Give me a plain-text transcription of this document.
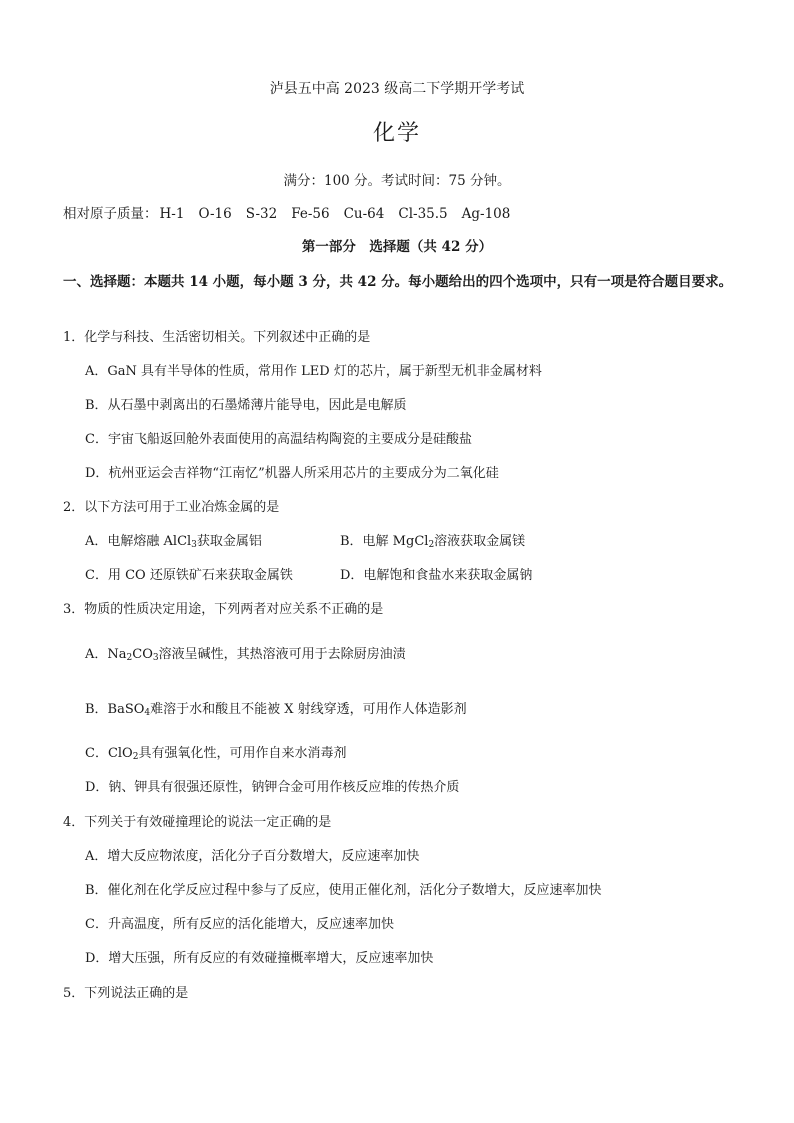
泸县五中高 2023 级高二下学期开学考试
化学
满分：100 分。考试时间：75 分钟。
相对原子质量： H-1 O-16 S-32 Fe-56 Cu-64 Cl-35.5 Ag-108
第一部分　选择题（共 42 分）
一、选择题：本题共 14 小题，每小题 3 分，共 42 分。每小题给出的四个选项中，只有一项是符合题目要求。
1．化学与科技、生活密切相关。下列叙述中正确的是
A．GaN 具有半导体的性质，常用作 LED 灯的芯片，属于新型无机非金属材料
B．从石墨中剥离出的石墨烯薄片能导电，因此是电解质
C．宇宙飞船返回舱外表面使用的高温结构陶瓷的主要成分是硅酸盐
D．杭州亚运会吉祥物“江南忆”机器人所采用芯片的主要成分为二氧化硅
2．以下方法可用于工业冶炼金属的是
A．电解熔融 AlCl$_3$获取金属铝	B．电解 MgCl$_2$溶液获取金属镁
C．用 CO 还原铁矿石来获取金属铁	D．电解饱和食盐水来获取金属钠
3．物质的性质决定用途，下列两者对应关系不正确的是
A．$Na_2CO_3$溶液呈碱性，其热溶液可用于去除厨房油渍
B．BaSO$_4$难溶于水和酸且不能被 X 射线穿透，可用作人体造影剂
C．ClO$_2$具有强氧化性，可用作自来水消毒剂
D．钠、钾具有很强还原性，钠钾合金可用作核反应堆的传热介质
4．下列关于有效碰撞理论的说法一定正确的是
A．增大反应物浓度，活化分子百分数增大，反应速率加快
B．催化剂在化学反应过程中参与了反应，使用正催化剂，活化分子数增大，反应速率加快
C．升高温度，所有反应的活化能增大，反应速率加快
D．增大压强，所有反应的有效碰撞概率增大，反应速率加快
5．下列说法正确的是
